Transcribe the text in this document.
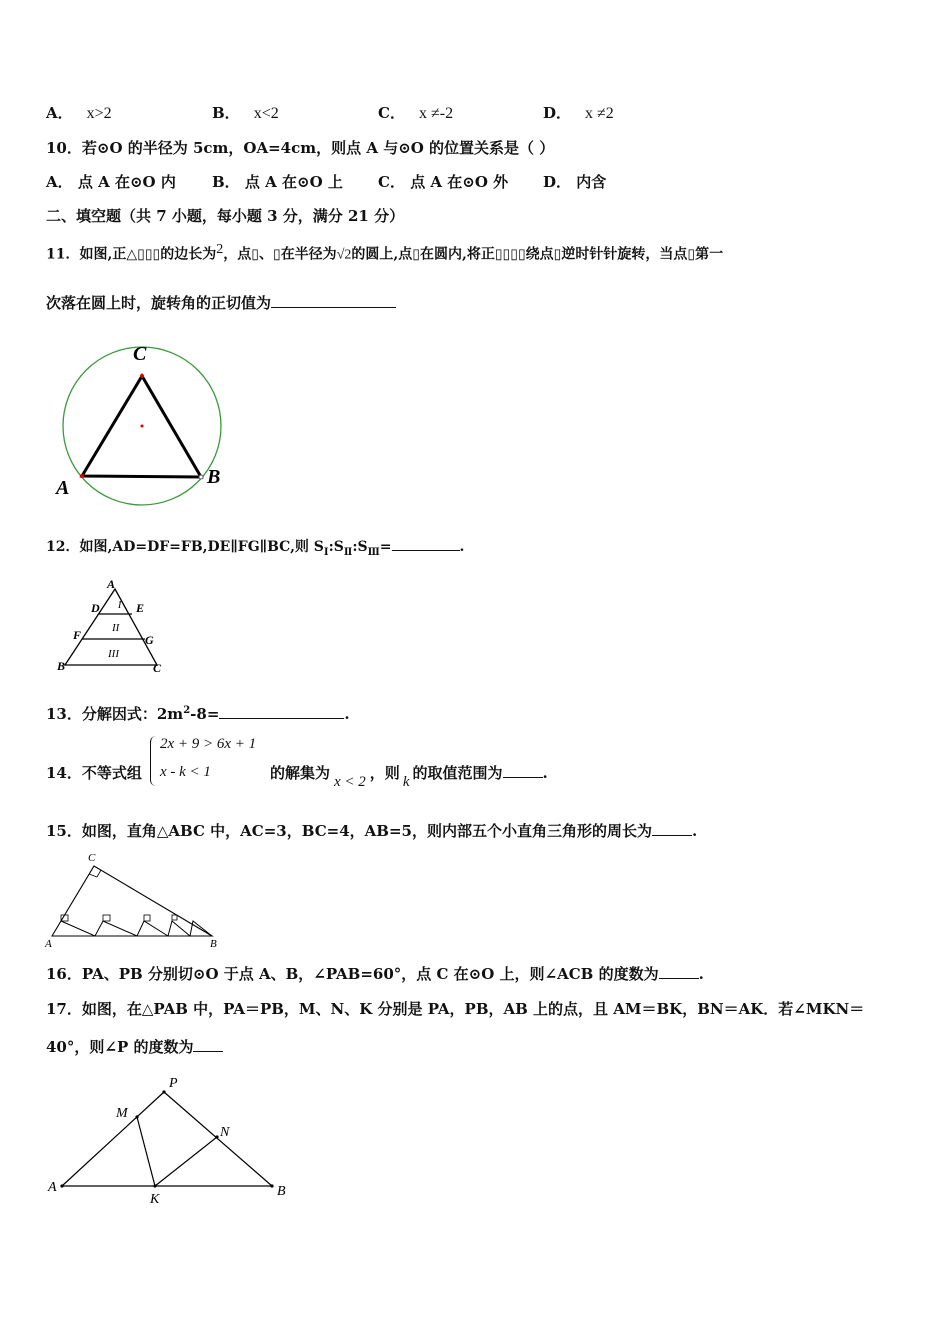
A． x>2	B． x<2	C． x ≠-2	D． x ≠2
10．若⊙O 的半径为 5cm，OA=4cm，则点 A 与⊙O 的位置关系是（ ）
A． 点 A 在⊙O 内 B． 点 A 在⊙O 上 C． 点 A 在⊙O 外 D． 内含
二、填空题（共 7 小题，每小题 3 分，满分 21 分）
11．如图,正△▯▯▯的边长为$^2$，点▯、▯在半径为√2的圆上,点▯在圆内,将正▯▯▯▯绕点▯逆时针针旋转，当点▯第一
次落在圆上时，旋转角的正切值为
C
A	B
12．如图,AD=DF=FB,DE∥FG∥BC,则 $S_Ⅰ:S_Ⅱ:S_Ⅲ=$	.
A
D	E
F	G
B	C
I
II
III
13．分解因式：$2m^2-8=$	.
2x + 9 > 6x + 1
x - k < 1
14．不等式组	的解集为 x < 2 ，则 k 的取值范围为	.
15．如图，直角△ABC 中，AC=3，BC=4，AB=5，则内部五个小直角三角形的周长为	.
C
A	B
16．PA、PB 分别切⊙O 于点 A、B，∠PAB=60°，点 C 在⊙O 上，则∠ACB 的度数为	.
17．如图，在△PAB 中，PA＝PB，M、N、K 分别是 PA，PB，AB 上的点，且 AM＝BK，BN＝AK．若∠MKN＝
40°，则∠P 的度数为
P
M
N
A
K
B
